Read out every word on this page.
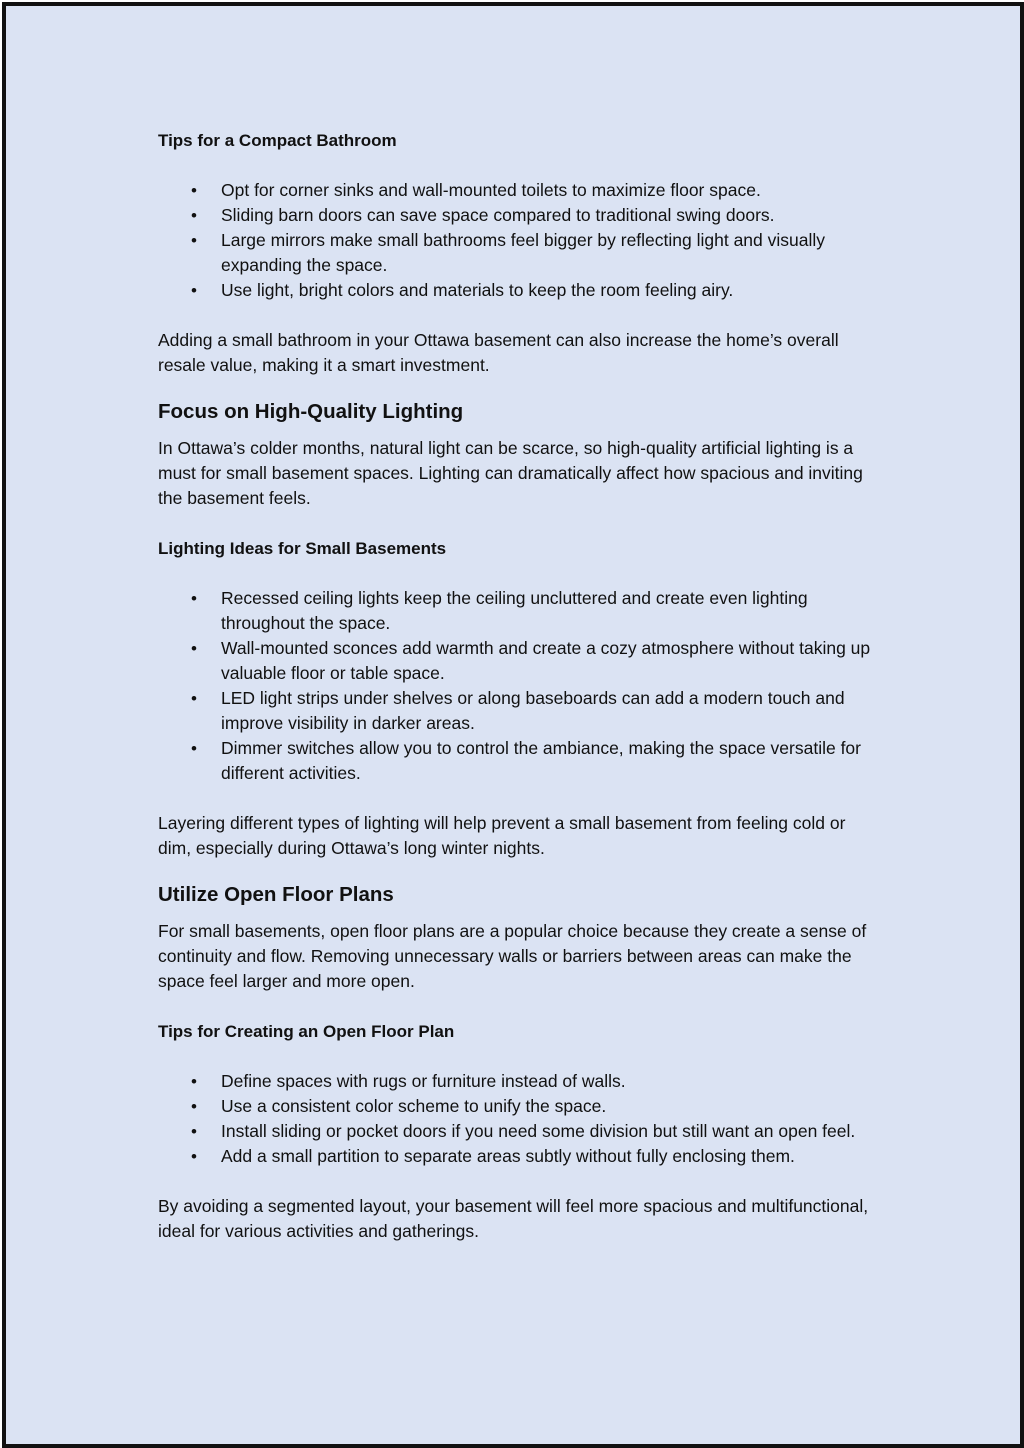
Tips for a Compact Bathroom
• Opt for corner sinks and wall-mounted toilets to maximize floor space.
• Sliding barn doors can save space compared to traditional swing doors.
• Large mirrors make small bathrooms feel bigger by reflecting light and visually expanding the space.
• Use light, bright colors and materials to keep the room feeling airy.

Adding a small bathroom in your Ottawa basement can also increase the home’s overall resale value, making it a smart investment.

Focus on High-Quality Lighting

In Ottawa’s colder months, natural light can be scarce, so high-quality artificial lighting is a must for small basement spaces. Lighting can dramatically affect how spacious and inviting the basement feels.

Lighting Ideas for Small Basements
• Recessed ceiling lights keep the ceiling uncluttered and create even lighting throughout the space.
• Wall-mounted sconces add warmth and create a cozy atmosphere without taking up valuable floor or table space.
• LED light strips under shelves or along baseboards can add a modern touch and improve visibility in darker areas.
• Dimmer switches allow you to control the ambiance, making the space versatile for different activities.

Layering different types of lighting will help prevent a small basement from feeling cold or dim, especially during Ottawa’s long winter nights.

Utilize Open Floor Plans

For small basements, open floor plans are a popular choice because they create a sense of continuity and flow. Removing unnecessary walls or barriers between areas can make the space feel larger and more open.

Tips for Creating an Open Floor Plan
• Define spaces with rugs or furniture instead of walls.
• Use a consistent color scheme to unify the space.
• Install sliding or pocket doors if you need some division but still want an open feel.
• Add a small partition to separate areas subtly without fully enclosing them.

By avoiding a segmented layout, your basement will feel more spacious and multifunctional, ideal for various activities and gatherings.
